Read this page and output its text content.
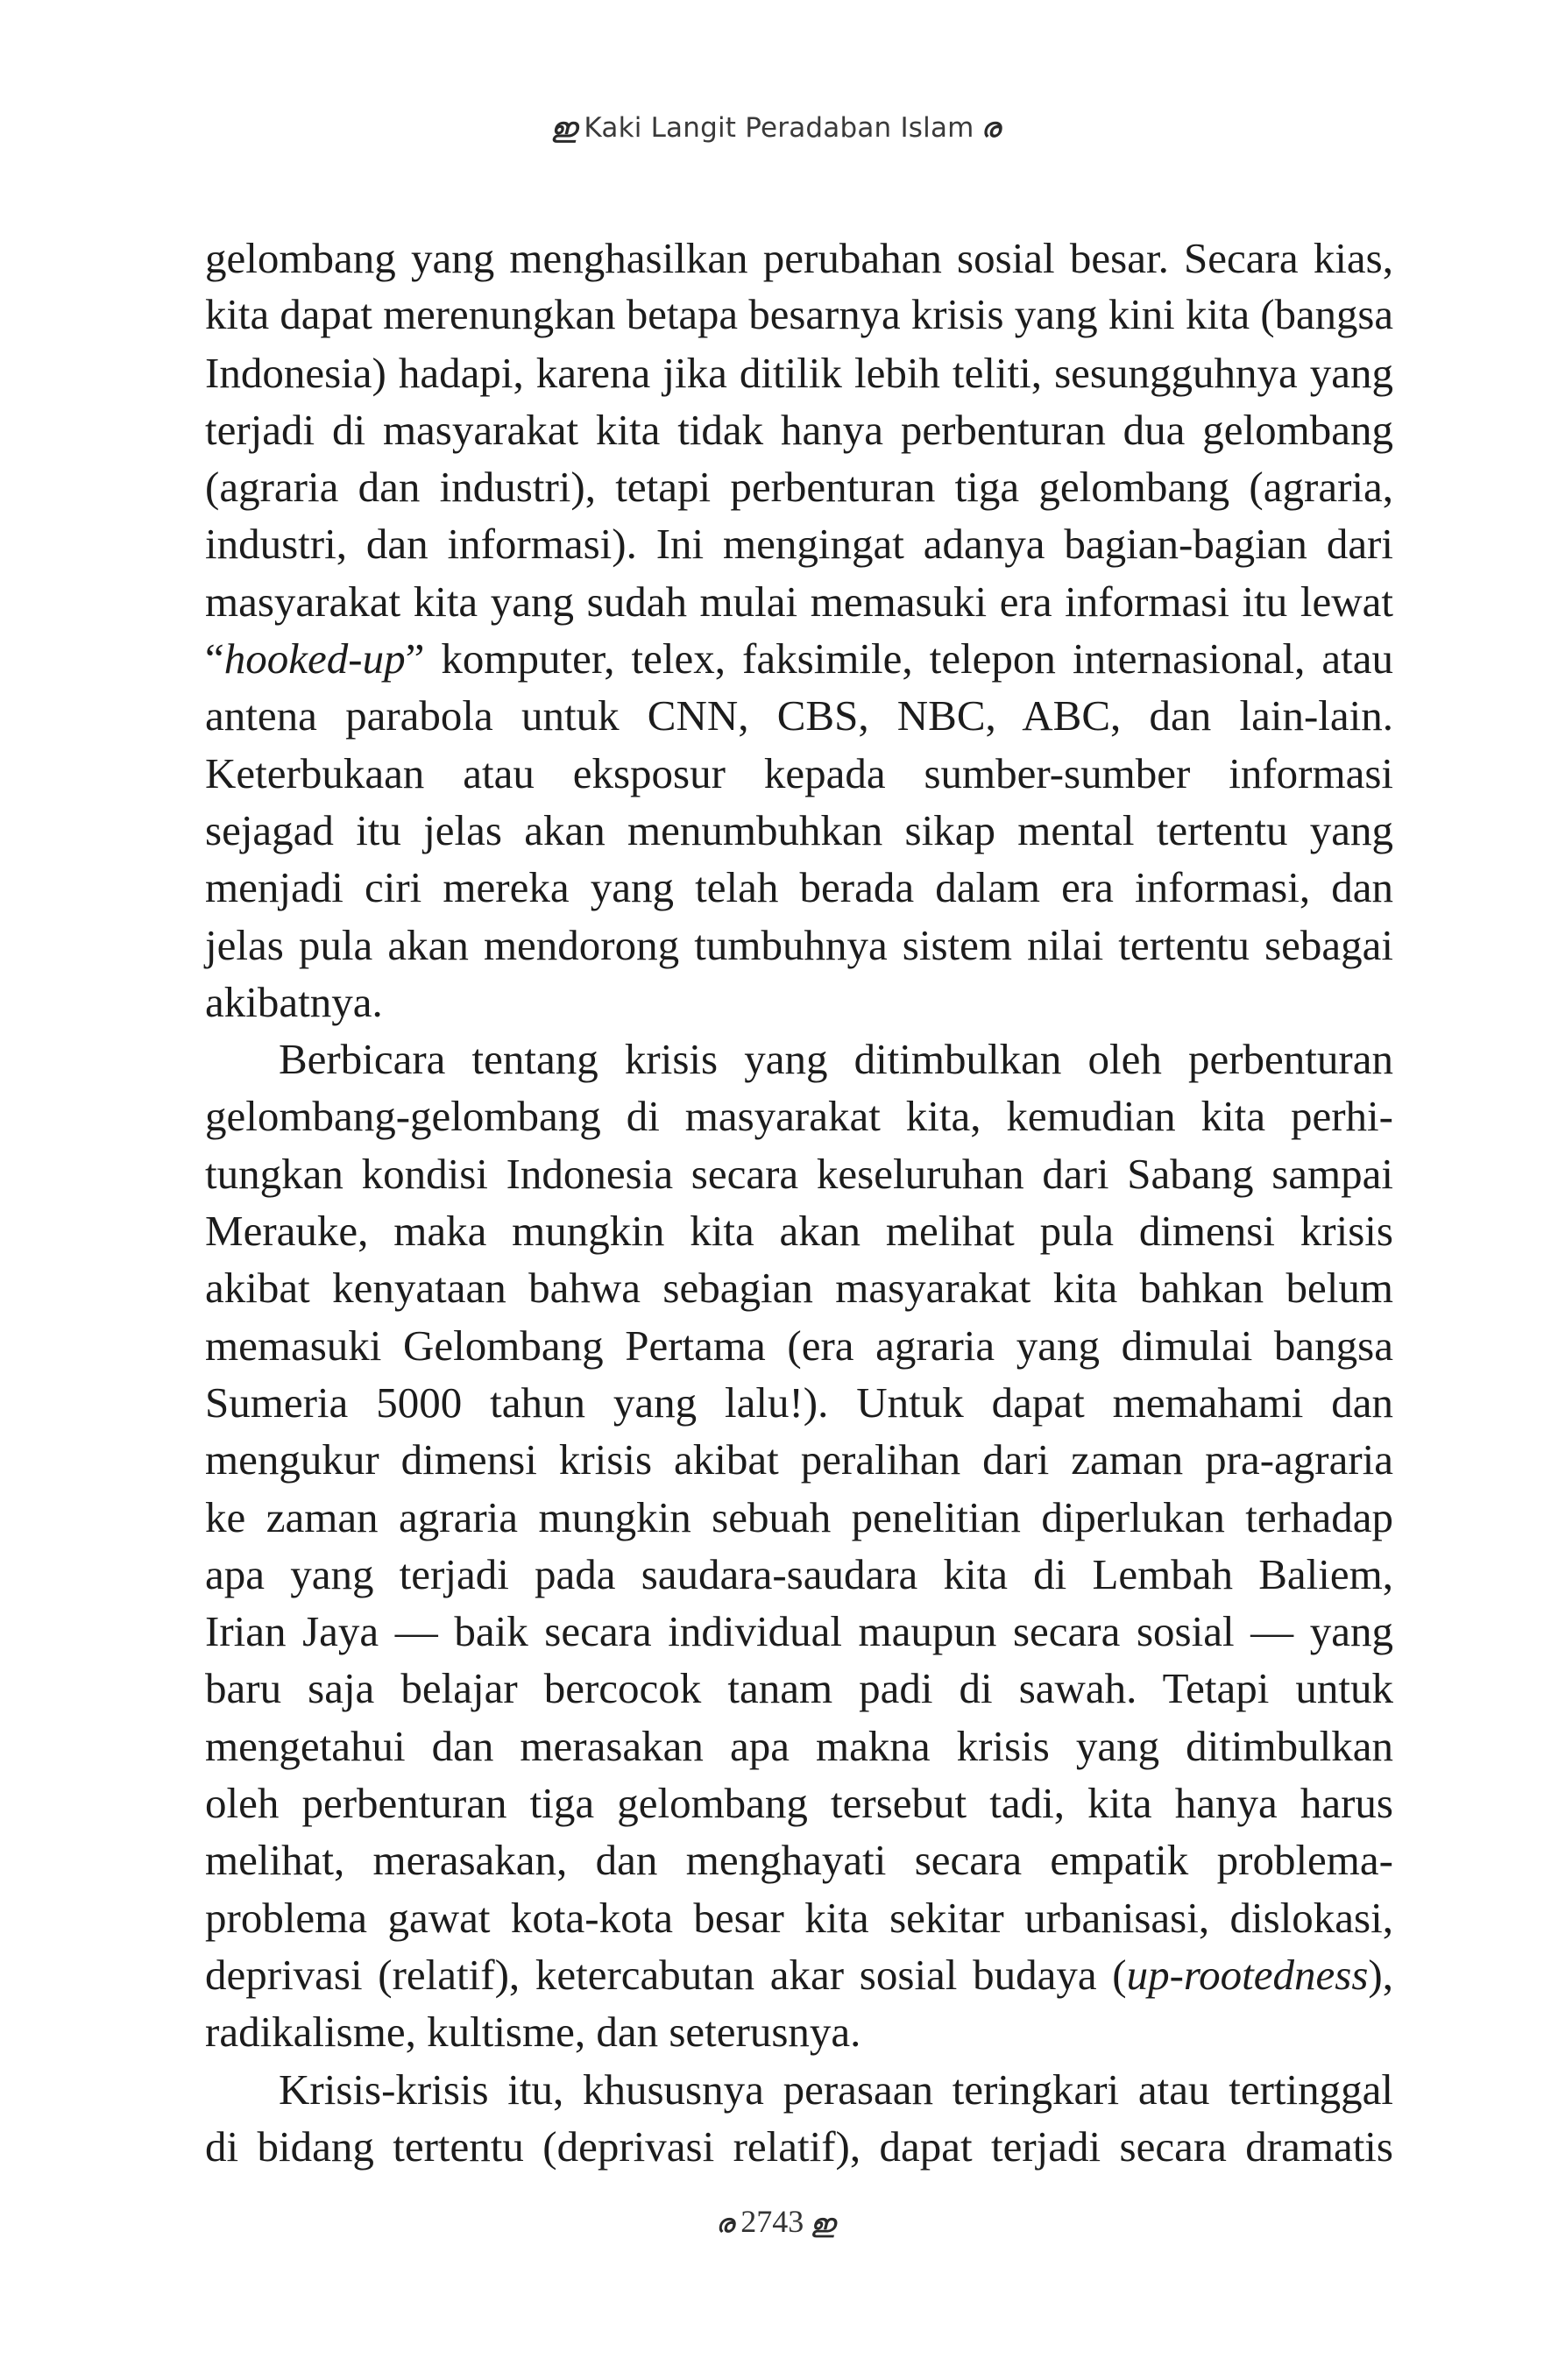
ഇ Kaki Langit Peradaban Islam ര
gelombang yang menghasilkan perubahan sosial besar. Secara kias,
kita dapat merenungkan betapa besarnya krisis yang kini kita (bangsa
Indonesia) hadapi, karena jika ditilik lebih teliti, sesungguhnya yang
terjadi di masyarakat kita tidak hanya perbenturan dua gelombang
(agraria dan industri), tetapi perbenturan tiga gelombang (agraria,
industri, dan informasi). Ini mengingat adanya bagian-bagian dari
masyarakat kita yang sudah mulai memasuki era informasi itu lewat
“hooked-up” komputer, telex, faksimile, telepon internasional, atau
antena parabola untuk CNN, CBS, NBC, ABC, dan lain-lain.
Keterbukaan atau eksposur kepada sumber-sumber informasi
sejagad itu jelas akan menumbuhkan sikap mental tertentu yang
menjadi ciri mereka yang telah berada dalam era informasi, dan
jelas pula akan mendorong tumbuhnya sistem nilai tertentu sebagai
akibatnya.
Berbicara tentang krisis yang ditimbulkan oleh perbenturan
gelombang-gelombang di masyarakat kita, kemudian kita perhi-
tungkan kondisi Indonesia secara keseluruhan dari Sabang sampai
Merauke, maka mungkin kita akan melihat pula dimensi krisis
akibat kenyataan bahwa sebagian masyarakat kita bahkan belum
memasuki Gelombang Pertama (era agraria yang dimulai bangsa
Sumeria 5000 tahun yang lalu!). Untuk dapat memahami dan
mengukur dimensi krisis akibat peralihan dari zaman pra-agraria
ke zaman agraria mungkin sebuah penelitian diperlukan terhadap
apa yang terjadi pada saudara-saudara kita di Lembah Baliem,
Irian Jaya — baik secara individual maupun secara sosial — yang
baru saja belajar bercocok tanam padi di sawah. Tetapi untuk
mengetahui dan merasakan apa makna krisis yang ditimbulkan
oleh perbenturan tiga gelombang tersebut tadi, kita hanya harus
melihat, merasakan, dan menghayati secara empatik problema-
problema gawat kota-kota besar kita sekitar urbanisasi, dislokasi,
deprivasi (relatif), ketercabutan akar sosial budaya (up-rootedness),
radikalisme, kultisme, dan seterusnya.
Krisis-krisis itu, khususnya perasaan teringkari atau tertinggal
di bidang tertentu (deprivasi relatif), dapat terjadi secara dramatis
ര 2743 ഇ
